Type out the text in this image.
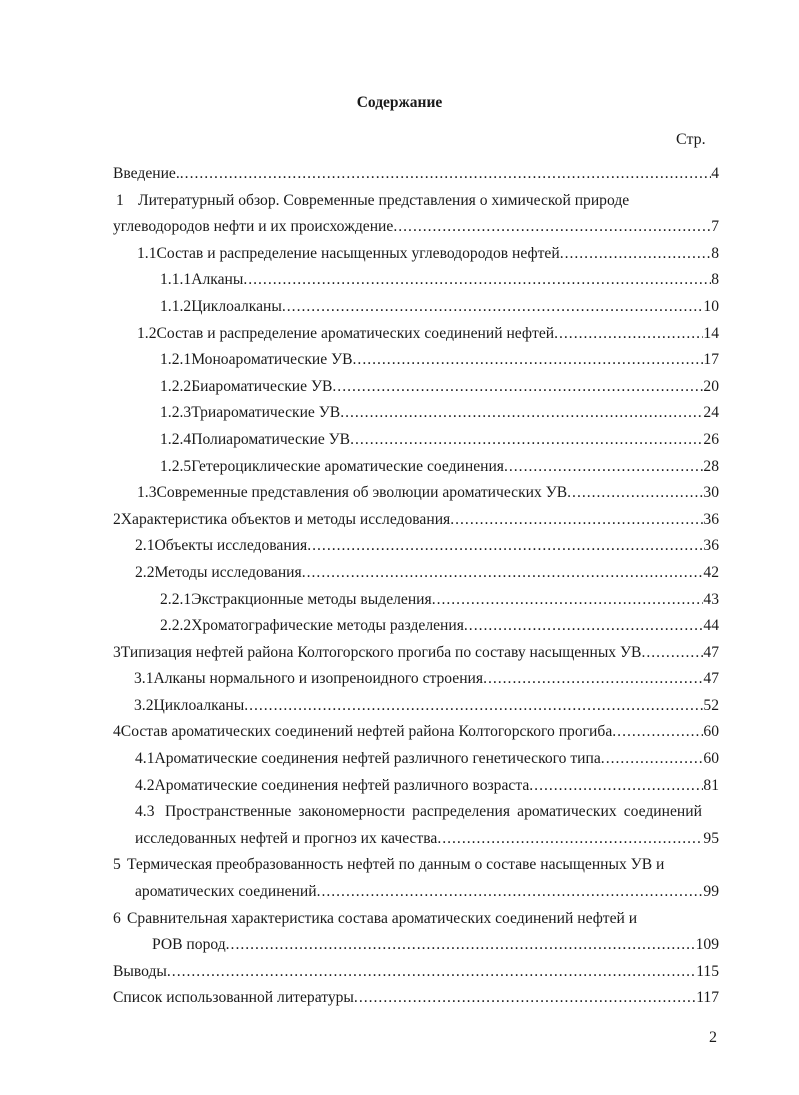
Содержание
Стр.
Введение. .....	4
1 Литературный обзор. Современные представления о химической природе
углеводородов нефти и их происхождение .....	7
1.1 Состав и распределение насыщенных углеводородов нефтей .....	8
1.1.1 Алканы .....	8
1.1.2 Циклоалканы .....	10
1.2 Состав и распределение ароматических соединений нефтей .....	14
1.2.1 Моноароматические УВ .....	17
1.2.2 Биароматические УВ .....	20
1.2.3 Триароматические УВ .....	24
1.2.4 Полиароматические УВ .....	26
1.2.5 Гетероциклические ароматические соединения .....	28
1.3 Современные представления об эволюции ароматических УВ .....	30
2 Характеристика объектов и методы исследования .....	36
2.1 Объекты исследования .....	36
2.2 Методы исследования .....	42
2.2.1 Экстракционные методы выделения .....	43
2.2.2 Хроматографические методы разделения .....	44
3 Типизация нефтей района Колтогорского прогиба по составу насыщенных УВ .....	47
3.1 Алканы нормального и изопреноидного строения .....	47
3.2 Циклоалканы .....	52
4 Состав ароматических соединений нефтей района Колтогорского прогиба .....	60
4.1 Ароматические соединения нефтей различного генетического типа .....	60
4.2 Ароматические соединения нефтей различного возраста .....	81
4.3 Пространственные закономерности распределения ароматических соединений
исследованных нефтей и прогноз их качества .....	95
5 Термическая преобразованность нефтей по данным о составе насыщенных УВ и
ароматических соединений .....	99
6 Сравнительная характеристика состава ароматических соединений нефтей и
РОВ пород .....	109
Выводы .....	115
Список использованной литературы .....	117
2
